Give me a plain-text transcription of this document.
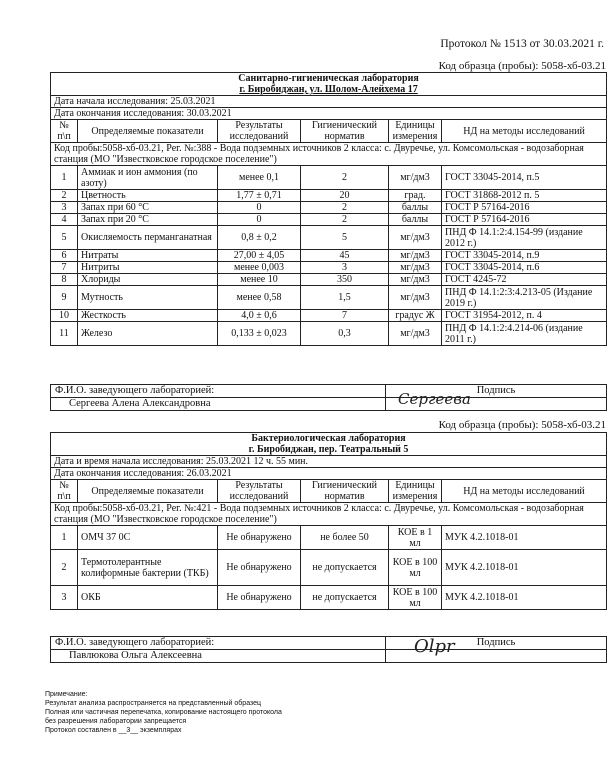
Протокол № 1513 от 30.03.2021 г.
Код образца (пробы): 5058-хб-03.21
Санитарно-гигиеническая лаборатория
г. Биробиджан, ул. Шолом-Алейхема 17					

Дата начала исследования: 25.03.2021					
Дата окончания исследования: 30.03.2021					
№ п\п	Определяемые показатели	Результаты исследований	Гигиенический норматив	Единицы измерения	НД на методы исследований
Код пробы:5058-хб-03.21, Рег. №:388 - Вода подземных источников 2 класса: с. Двуречье, ул. Комсомольская - водозаборная станция (МО "Известковское городское поселение")					
1	Аммиак и ион аммония (по азоту)	менее 0,1	2	мг/дм3	ГОСТ 33045-2014, п.5
2	Цветность	1,77 ± 0,71	20	град.	ГОСТ 31868-2012 п. 5
3	Запах при 60 °С	0	2	баллы	ГОСТ Р 57164-2016
4	Запах при 20 °С	0	2	баллы	ГОСТ Р 57164-2016
5	Окисляемость перманганатная	0,8 ± 0,2	5	мг/дм3	ПНД Ф 14.1:2:4.154-99 (издание 2012 г.)
6	Нитраты	27,00 ± 4,05	45	мг/дм3	ГОСТ 33045-2014, п.9
7	Нитриты	менее 0,003	3	мг/дм3	ГОСТ 33045-2014, п.6
8	Хлориды	менее 10	350	мг/дм3	ГОСТ 4245-72
9	Мутность	менее 0,58	1,5	мг/дм3	ПНД Ф 14.1:2:3:4.213-05 (Издание 2019 г.)
10	Жесткость	4,0 ± 0,6	7	градус Ж	ГОСТ 31954-2012, п. 4
11	Железо	0,133 ± 0,023	0,3	мг/дм3	ПНД Ф 14.1:2:4.214-06 (издание 2011 г.)
Ф.И.О. заведующего лабораторией:	Подпись
Сергеева Алена Александровна		Сергеева
Код образца (пробы): 5058-хб-03.21
Бактериологическая лаборатория
г. Биробиджан, пер. Театральный 5					

Дата и время начала исследования: 25.03.2021 12 ч. 55 мин.					
Дата окончания исследования: 26.03.2021					
№ п\п	Определяемые показатели	Результаты исследований	Гигиенический норматив	Единицы измерения	НД на методы исследований
Код пробы:5058-хб-03.21, Рег. №:421 - Вода подземных источников 2 класса: с. Двуречье, ул. Комсомольская - водозаборная станция (МО "Известковское городское поселение")					
1	ОМЧ 37 0С	Не обнаружено	не более 50	КОЕ в 1 мл	МУК 4.2.1018-01
2	Термотолерантные колиформные бактерии (ТКБ)	Не обнаружено	не допускается	КОЕ в 100 мл	МУК 4.2.1018-01
3	ОКБ	Не обнаружено	не допускается	КОЕ в 100 мл	МУК 4.2.1018-01
Ф.И.О. заведующего лабораторией:	Подпись
Павлюкова Ольга Алексеевна		Оlpr
Примечание:
Результат анализа распространяется на представленный образец
Полная или частичная перепечатка, копирование настоящего протокола
без разрешения лаборатории запрещается
Протокол составлен в __3__ экземплярах
